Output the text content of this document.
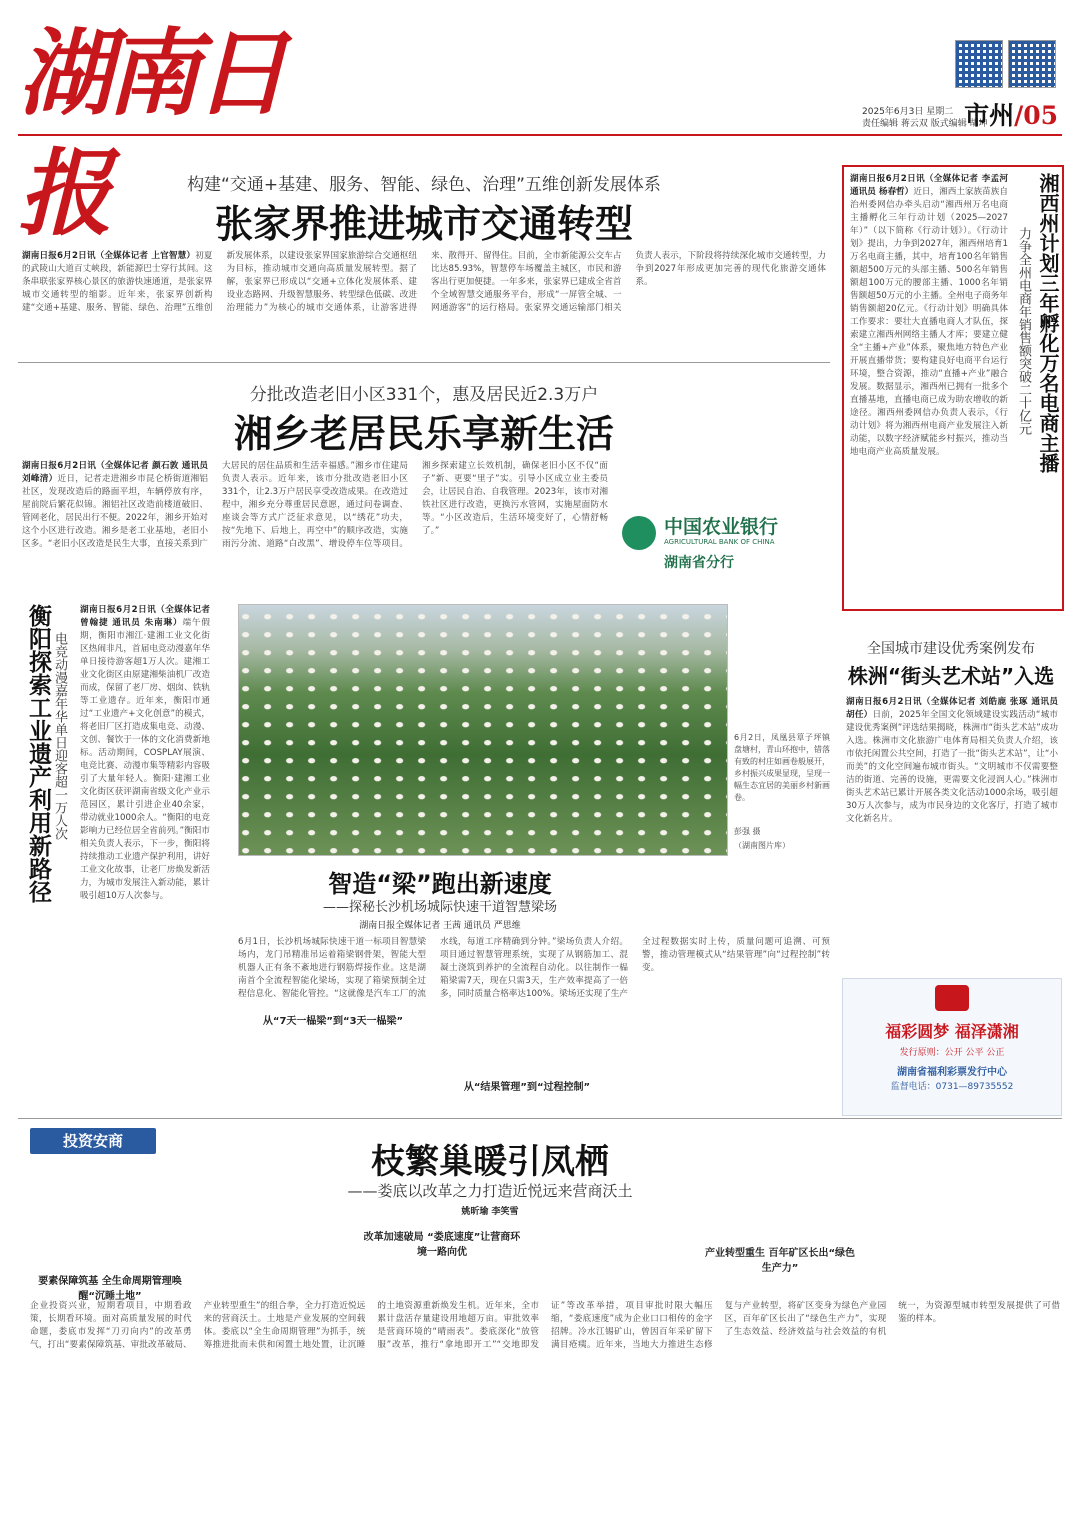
湖南日报
2025年6月3日 星期二
责任编辑 蒋云双 版式编辑 胡坤
市州/05
构建“交通+基建、服务、智能、绿色、治理”五维创新发展体系
张家界推进城市交通转型
湖南日报6月2日讯（全媒体记者 上官智慧）初夏的武陵山大道百丈峡段，新能源巴士穿行其间。这条串联张家界核心景区的旅游快速通道，是张家界城市交通转型的缩影。近年来，张家界创新构建“交通+基建、服务、智能、绿色、治理”五维创新发展体系，以建设张家界国家旅游综合交通枢纽为目标，推动城市交通向高质量发展转型。据了解，张家界已形成以“交通+立体化发展体系、建设业态路网、升级智慧服务、转型绿色低碳、改进治理能力”为核心的城市交通体系，让游客进得来、散得开、留得住。目前，全市新能源公交车占比达85.93%，智慧停车场覆盖主城区，市民和游客出行更加便捷。一年多来，张家界已建成全省首个全域智慧交通服务平台，形成“一屏管全城、一网通游客”的运行格局。张家界交通运输部门相关负责人表示，下阶段将持续深化城市交通转型，力争到2027年形成更加完善的现代化旅游交通体系。
分批改造老旧小区331个，惠及居民近2.3万户
湘乡老居民乐享新生活
湖南日报6月2日讯（全媒体记者 颜石敦 通讯员 刘峰清）近日，记者走进湘乡市昆仑桥街道湘铝社区，发现改造后的路面平坦，车辆停放有序，屋前院后繁花似锦。湘铝社区改造前楼道破旧、管网老化，居民出行不便。2022年，湘乡开始对这个小区进行改造。湘乡是老工业基地，老旧小区多。“老旧小区改造是民生大事，直接关系到广大居民的居住品质和生活幸福感。”湘乡市住建局负责人表示。近年来，该市分批改造老旧小区331个，让2.3万户居民享受改造成果。在改造过程中，湘乡充分尊重居民意愿，通过问卷调查、座谈会等方式广泛征求意见，以“绣花”功夫，按“先地下、后地上，再空中”的顺序改造，实施雨污分流、道路“白改黑”、增设停车位等项目。湘乡探索建立长效机制，确保老旧小区不仅“面子”新、更要“里子”实。引导小区成立业主委员会，让居民自治、自我管理。2023年，该市对湘铁社区进行改造，更换污水管网，实施屋面防水等。“小区改造后，生活环境变好了，心情舒畅了。”	中国农业银行
AGRICULTURAL BANK OF CHINA
湖南省分行
湖南日报6月2日讯（全媒体记者 李孟河 通讯员 杨春哲）近日，湘西土家族苗族自治州委网信办牵头启动“湘西州万名电商主播孵化三年行动计划（2025—2027年）”（以下简称《行动计划》）。《行动计划》提出，力争到2027年，湘西州培育1万名电商主播，其中，培育100名年销售额超500万元的头部主播、500名年销售额超100万元的腰部主播、1000名年销售额超50万元的小主播。全州电子商务年销售额超20亿元。《行动计划》明确具体工作要求：要壮大直播电商人才队伍，探索建立湘西州网络主播人才库；要建立健全“主播+产业”体系，聚焦地方特色产业开展直播带货；要构建良好电商平台运行环境，整合资源，推动“直播+产业”融合发展。数据显示，湘西州已拥有一批多个直播基地，直播电商已成为助农增收的新途径。湘西州委网信办负责人表示，《行动计划》将为湘西州电商产业发展注入新动能，以数字经济赋能乡村振兴，推动当地电商产业高质量发展。	湘西州计划三年孵化万名电商主播
力争全州电商年销售额突破二十亿元
全国城市建设优秀案例发布
株洲“街头艺术站”入选
湖南日报6月2日讯（全媒体记者 刘皓鹿 张琢 通讯员 胡任）日前，2025年全国文化领域建设实践活动“城市建设优秀案例”评选结果揭晓，株洲市“街头艺术站”成功入选。株洲市文化旅游广电体育局相关负责人介绍，该市依托闲置公共空间，打造了一批“街头艺术站”，让“小而美”的文化空间遍布城市街头。“文明城市不仅需要整洁的街道、完善的设施，更需要文化浸润人心。”株洲市街头艺术站已累计开展各类文化活动1000余场，吸引超30万人次参与，成为市民身边的文化客厅，打造了城市文化新名片。
福彩圆梦 福泽潇湘
发行原则：公开 公平 公正
湖南省福利彩票发行中心
监督电话：0731—89735552
衡阳探索工业遗产利用新路径 电竞动漫嘉年华单日迎客超一万人次
湖南日报6月2日讯（全媒体记者 曾翰捷 通讯员 朱南琳）端午假期，衡阳市湘江·建湘工业文化街区热闹非凡，首届电竞动漫嘉年华单日接待游客超1万人次。建湘工业文化街区由原建湘柴油机厂改造而成，保留了老厂房、烟囱、铁轨等工业遗存。近年来，衡阳市通过“工业遗产+文化创意”的模式，将老旧厂区打造成集电竞、动漫、文创、餐饮于一体的文化消费新地标。活动期间，COSPLAY展演、电竞比赛、动漫市集等精彩内容吸引了大量年轻人。衡阳·建湘工业文化街区获评湖南省级文化产业示范园区，累计引进企业40余家，带动就业1000余人。“衡阳的电竞影响力已经位居全省前列。”衡阳市相关负责人表示，下一步，衡阳将持续推动工业遗产保护利用，讲好工业文化故事，让老厂房焕发新活力，为城市发展注入新动能，累计吸引超10万人次参与。
6月2日，凤凰县筸子坪镇盘塘村，青山环抱中，错落有致的村庄如画卷般展开，乡村振兴成果显现，呈现一幅生态宜居的美丽乡村新画卷。
彭强 摄
（湖南图片库）
智造“梁”跑出新速度
——探秘长沙机场城际快速干道智慧梁场
湖南日报全媒体记者 王茜 通讯员 严思维
6月1日，长沙机场城际快速干道一标项目智慧梁场内，龙门吊精准吊运着箱梁钢骨架，智能大型机器人正有条不紊地进行钢筋焊接作业。这是湖南首个全流程智能化梁场，实现了箱梁预制全过程信息化、智能化管控。“这就像是汽车工厂的流水线，每道工序精确到分钟。”梁场负责人介绍。项目通过智慧管理系统，实现了从钢筋加工、混凝土浇筑到养护的全流程自动化。以往制作一榀箱梁需7天，现在只需3天，生产效率提高了一倍多，同时质量合格率达100%。梁场还实现了生产全过程数据实时上传，质量问题可追溯、可预警，推动管理模式从“结果管理”向“过程控制”转变。
从“7天一榀梁”到“3天一榀梁”
从“结果管理”到“过程控制”
投资安商
枝繁巢暖引凤栖
——娄底以改革之力打造近悦远来营商沃土
姚昕瑜 李笑雪
要素保障筑基 全生命周期管理唤醒“沉睡土地”
改革加速破局 “娄底速度”让营商环境一路向优	产业转型重生 百年矿区长出“绿色生产力”
企业投资兴业，短期看项目，中期看政策，长期看环境。面对高质量发展的时代命题，娄底市发挥“刀刃向内”的改革勇气，打出“要素保障筑基、审批改革破局、产业转型重生”的组合拳，全力打造近悦远来的营商沃土。土地是产业发展的空间载体。娄底以“全生命周期管理”为抓手，统筹推进批而未供和闲置土地处置，让沉睡的土地资源重新焕发生机。近年来，全市累计盘活存量建设用地超万亩。审批效率是营商环境的“晴雨表”。娄底深化“放管服”改革，推行“拿地即开工”“交地即发证”等改革举措，项目审批时限大幅压缩，“娄底速度”成为企业口口相传的金字招牌。冷水江锡矿山，曾因百年采矿留下满目疮痍。近年来，当地大力推进生态修复与产业转型，将矿区变身为绿色产业园区，百年矿区长出了“绿色生产力”，实现了生态效益、经济效益与社会效益的有机统一，为资源型城市转型发展提供了可借鉴的样本。
